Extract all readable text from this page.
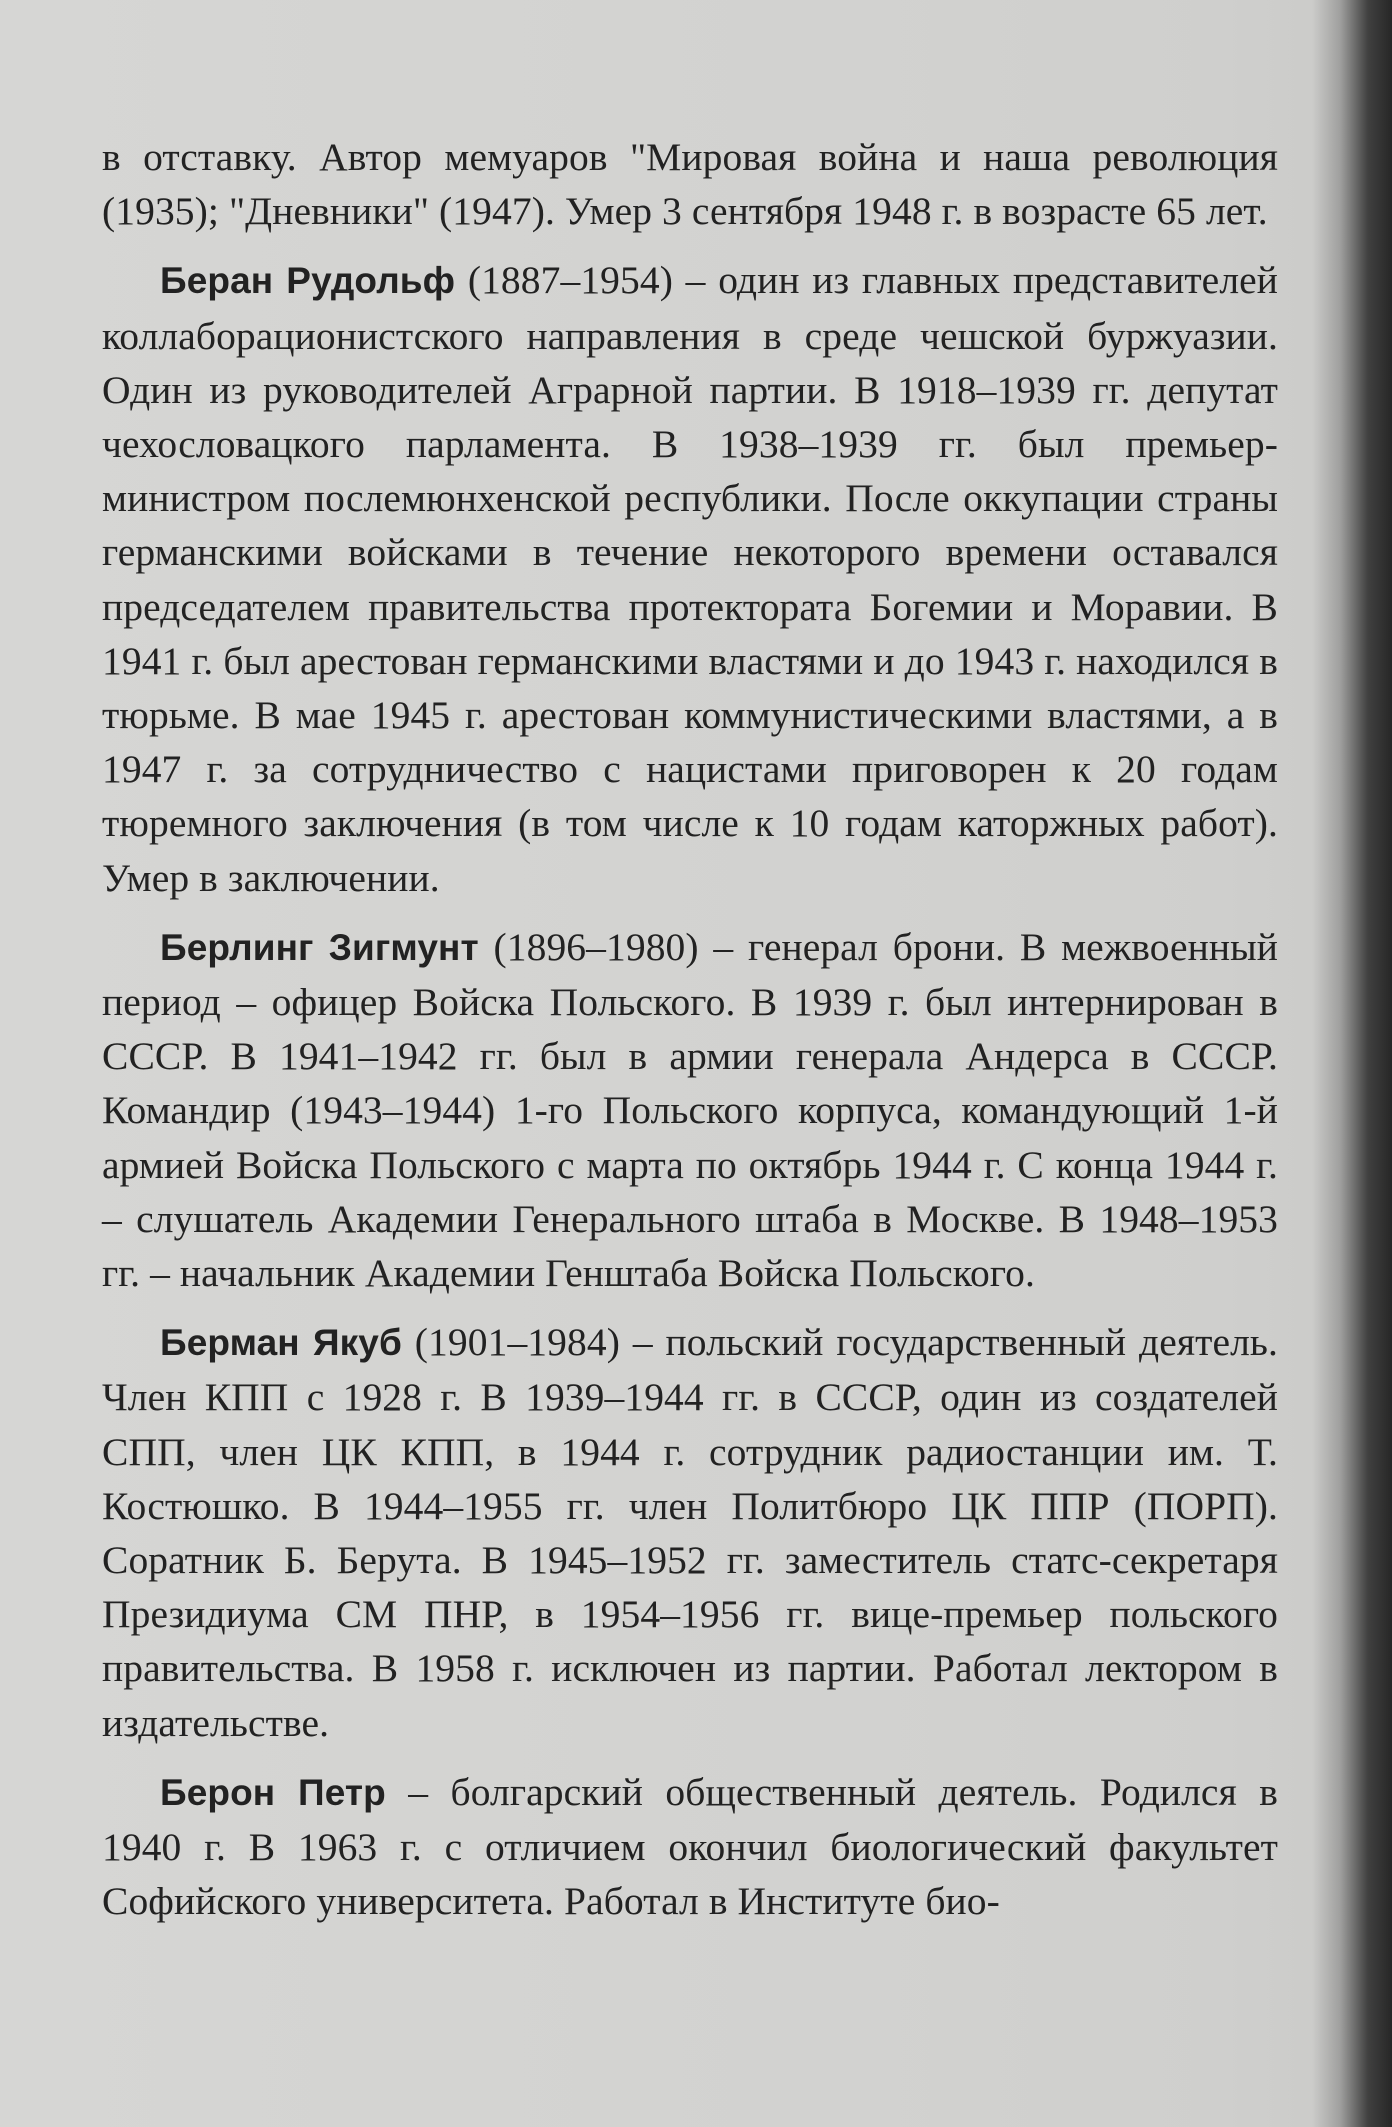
в отставку. Автор мемуаров "Мировая война и наша революция (1935); "Дневники" (1947). Умер 3 сентября 1948 г. в возрасте 65 лет.

Беран Рудольф (1887–1954) – один из главных представителей коллаборационистского направления в среде чешской буржуазии. Один из руководителей Аграрной партии. В 1918–1939 гг. депутат чехословацкого парламента. В 1938–1939 гг. был премьер-министром послемюнхенской республики. После оккупации страны германскими войсками в течение некоторого времени оставался председателем правительства протектората Богемии и Моравии. В 1941 г. был арестован германскими властями и до 1943 г. находился в тюрьме. В мае 1945 г. арестован коммунистическими властями, а в 1947 г. за сотрудничество с нацистами приговорен к 20 годам тюремного заключения (в том числе к 10 годам каторжных работ). Умер в заключении.

Берлинг Зигмунт (1896–1980) – генерал брони. В межвоенный период – офицер Войска Польского. В 1939 г. был интернирован в СССР. В 1941–1942 гг. был в армии генерала Андерса в СССР. Командир (1943–1944) 1-го Польского корпуса, командующий 1-й армией Войска Польского с марта по октябрь 1944 г. С конца 1944 г. – слушатель Академии Генерального штаба в Москве. В 1948–1953 гг. – начальник Академии Генштаба Войска Польского.

Берман Якуб (1901–1984) – польский государственный деятель. Член КПП с 1928 г. В 1939–1944 гг. в СССР, один из создателей СПП, член ЦК КПП, в 1944 г. сотрудник радиостанции им. Т. Костюшко. В 1944–1955 гг. член Политбюро ЦК ППР (ПОРП). Соратник Б. Берута. В 1945–1952 гг. заместитель статс-секретаря Президиума СМ ПНР, в 1954–1956 гг. вице-премьер польского правительства. В 1958 г. исключен из партии. Работал лектором в издательстве.

Берон Петр – болгарский общественный деятель. Родился в 1940 г. В 1963 г. с отличием окончил биологический факультет Софийского университета. Работал в Институте био-
